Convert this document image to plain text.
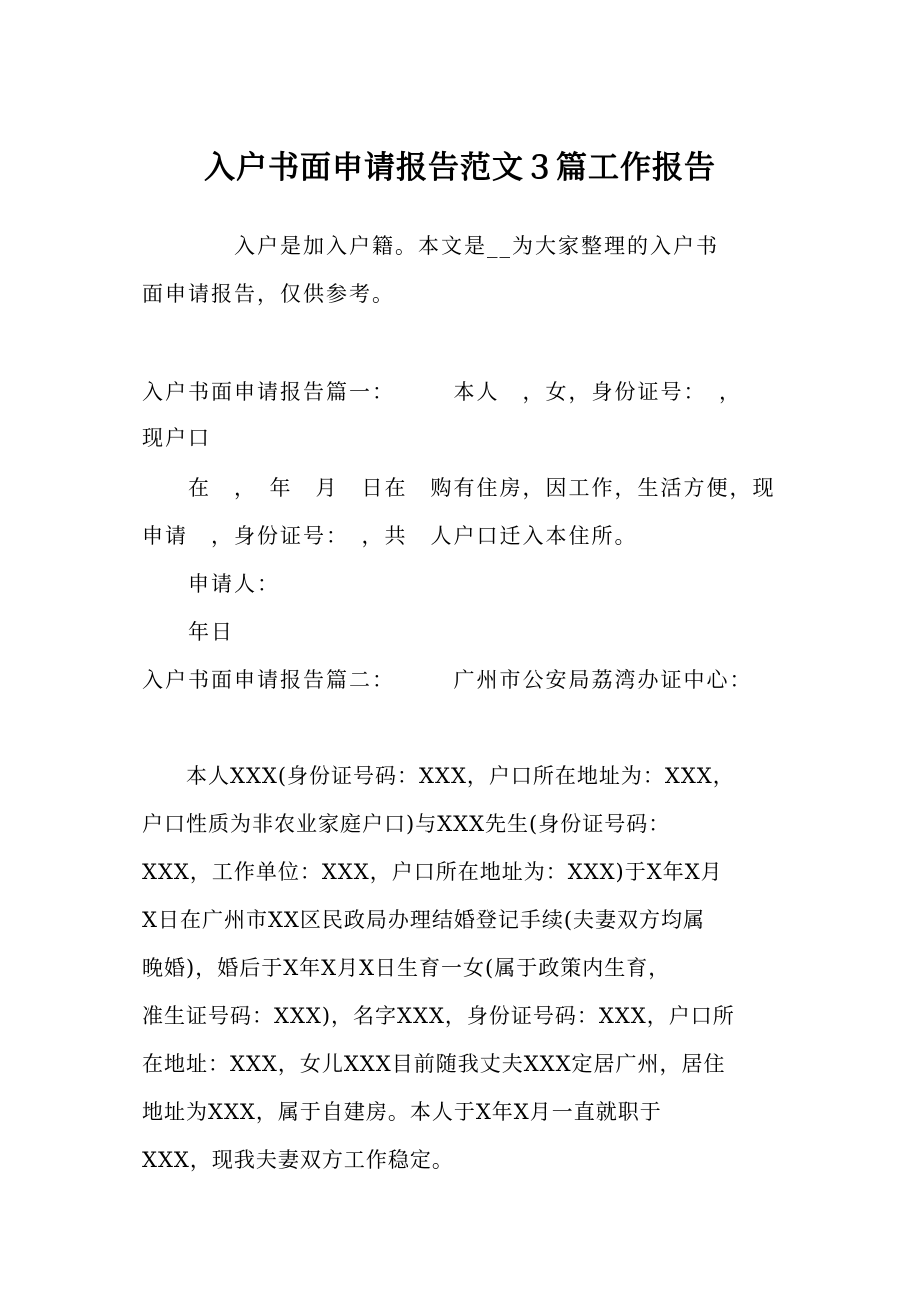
入户书面申请报告范文３篇工作报告

　　　　入户是加入户籍。本文是__为大家整理的入户书

面申请报告，仅供参考。

入户书面申请报告篇一：　　　本人　，女，身份证号：　，

现户口

　　在　，　年　月　日在　购有住房，因工作，生活方便，现

申请　，身份证号：　，共　人户口迁入本住所。

　　申请人：

　　年日

入户书面申请报告篇二：　　　广州市公安局荔湾办证中心：

　　本人XXX(身份证号码：XXX，户口所在地址为：XXX，

户口性质为非农业家庭户口)与XXX先生(身份证号码：

XXX，工作单位：XXX，户口所在地址为：XXX)于X年X月

X日在广州市XX区民政局办理结婚登记手续(夫妻双方均属

晚婚)，婚后于X年X月X日生育一女(属于政策内生育，

准生证号码：XXX)，名字XXX，身份证号码：XXX，户口所

在地址：XXX，女儿XXX目前随我丈夫XXX定居广州，居住

地址为XXX，属于自建房。本人于X年X月一直就职于

XXX，现我夫妻双方工作稳定。
